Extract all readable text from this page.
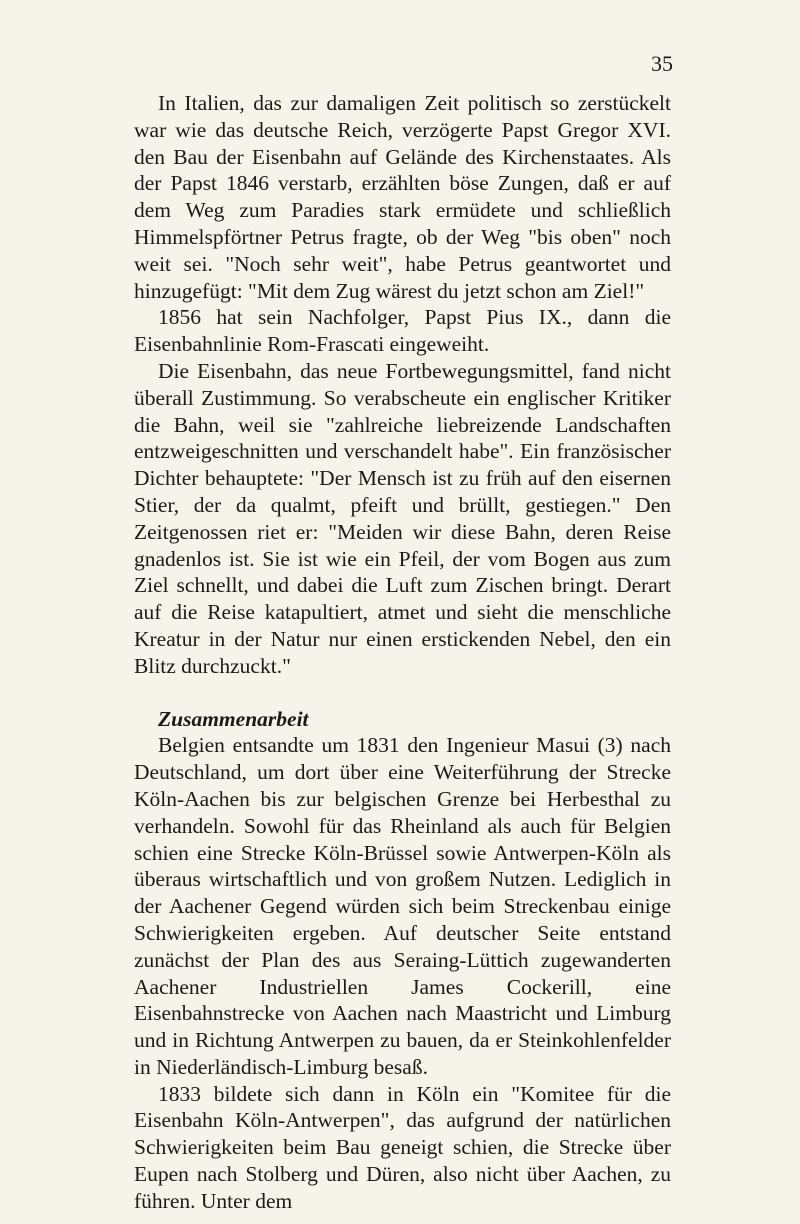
35

In Italien, das zur damaligen Zeit politisch so zerstückelt war wie das deutsche Reich, verzögerte Papst Gregor XVI. den Bau der Eisenbahn auf Gelände des Kirchenstaates. Als der Papst 1846 verstarb, erzählten böse Zungen, daß er auf dem Weg zum Paradies stark ermüdete und schließlich Himmelspförtner Petrus fragte, ob der Weg "bis oben" noch weit sei. "Noch sehr weit", habe Petrus geantwortet und hinzugefügt: "Mit dem Zug wärest du jetzt schon am Ziel!"

1856 hat sein Nachfolger, Papst Pius IX., dann die Eisenbahnlinie Rom-Frascati eingeweiht.

Die Eisenbahn, das neue Fortbewegungsmittel, fand nicht überall Zustimmung. So verabscheute ein englischer Kritiker die Bahn, weil sie "zahlreiche liebreizende Landschaften entzweigeschnitten und verschandelt habe". Ein französischer Dichter behauptete: "Der Mensch ist zu früh auf den eisernen Stier, der da qualmt, pfeift und brüllt, gestiegen." Den Zeitgenossen riet er: "Meiden wir diese Bahn, deren Reise gnadenlos ist. Sie ist wie ein Pfeil, der vom Bogen aus zum Ziel schnellt, und dabei die Luft zum Zischen bringt. Derart auf die Reise katapultiert, atmet und sieht die menschliche Kreatur in der Natur nur einen erstickenden Nebel, den ein Blitz durchzuckt."

Zusammenarbeit

Belgien entsandte um 1831 den Ingenieur Masui (3) nach Deutschland, um dort über eine Weiterführung der Strecke Köln-Aachen bis zur belgischen Grenze bei Herbesthal zu verhandeln. Sowohl für das Rheinland als auch für Belgien schien eine Strecke Köln-Brüssel sowie Antwerpen-Köln als überaus wirtschaftlich und von großem Nutzen. Lediglich in der Aachener Gegend würden sich beim Streckenbau einige Schwierigkeiten ergeben. Auf deutscher Seite entstand zunächst der Plan des aus Seraing-Lüttich zugewanderten Aachener Industriellen James Cockerill, eine Eisenbahnstrecke von Aachen nach Maastricht und Limburg und in Richtung Antwerpen zu bauen, da er Steinkohlenfelder in Niederländisch-Limburg besaß.

1833 bildete sich dann in Köln ein "Komitee für die Eisenbahn Köln-Antwerpen", das aufgrund der natürlichen Schwierigkeiten beim Bau geneigt schien, die Strecke über Eupen nach Stolberg und Düren, also nicht über Aachen, zu führen. Unter dem
